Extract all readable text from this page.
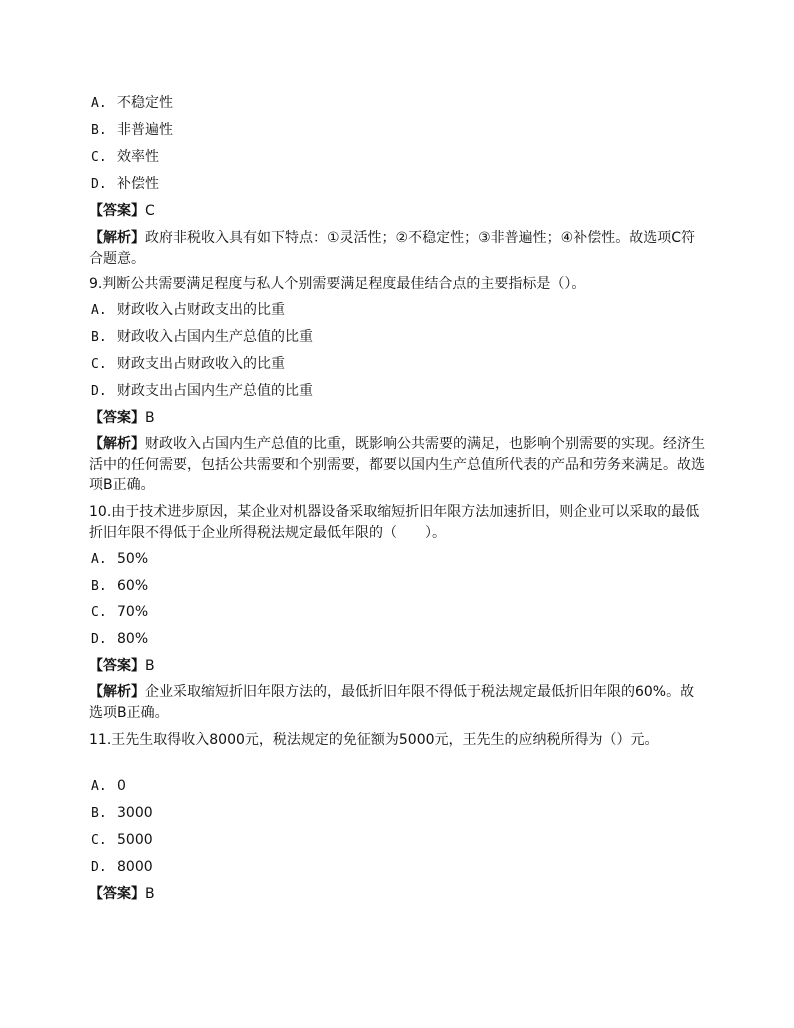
A. 不稳定性
B. 非普遍性
C. 效率性
D. 补偿性
【答案】C
【解析】政府非税收入具有如下特点：①灵活性；②不稳定性；③非普遍性；④补偿性。故选项C符合题意。
9.判断公共需要满足程度与私人个别需要满足程度最佳结合点的主要指标是（）。
A. 财政收入占财政支出的比重
B. 财政收入占国内生产总值的比重
C. 财政支出占财政收入的比重
D. 财政支出占国内生产总值的比重
【答案】B
【解析】财政收入占国内生产总值的比重，既影响公共需要的满足，也影响个别需要的实现。经济生活中的任何需要，包括公共需要和个别需要，都要以国内生产总值所代表的产品和劳务来满足。故选项B正确。
10.由于技术进步原因，某企业对机器设备采取缩短折旧年限方法加速折旧，则企业可以采取的最低折旧年限不得低于企业所得税法规定最低年限的（　　）。
A. 50%
B. 60%
C. 70%
D. 80%
【答案】B
【解析】企业采取缩短折旧年限方法的，最低折旧年限不得低于税法规定最低折旧年限的60%。故选项B正确。
11.王先生取得收入8000元，税法规定的免征额为5000元，王先生的应纳税所得为（）元。
A. 0
B. 3000
C. 5000
D. 8000
【答案】B
